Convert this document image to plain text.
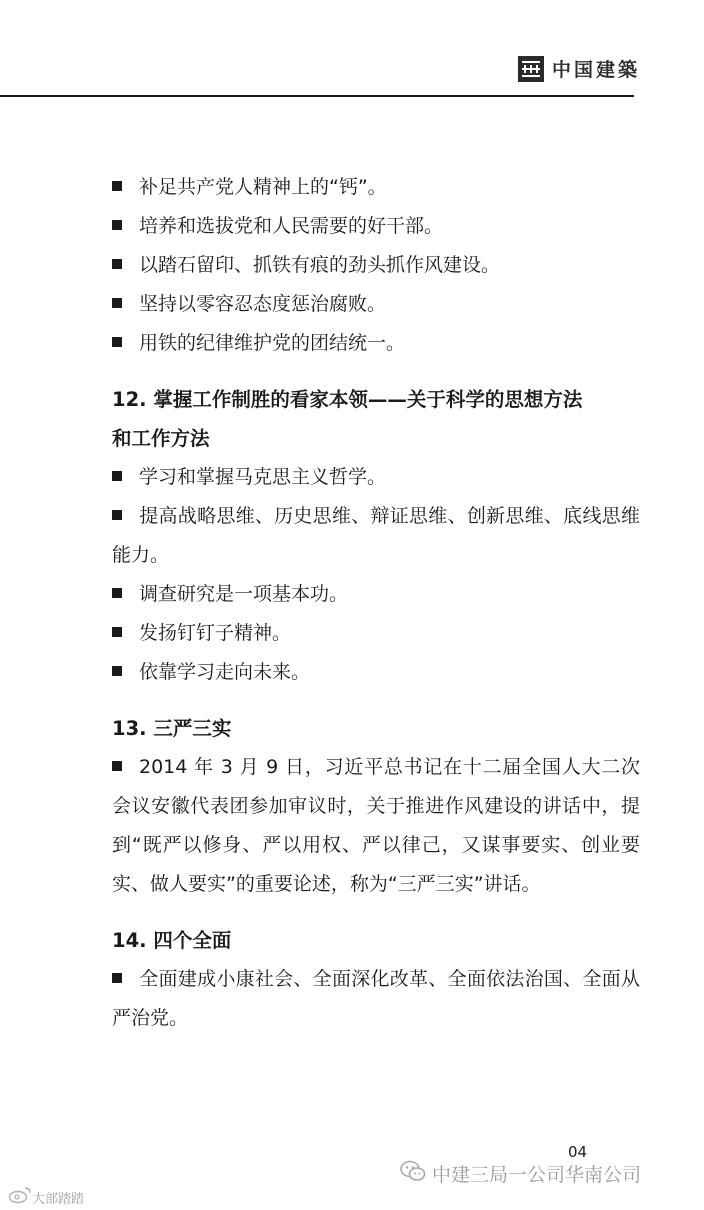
中国建築

补足共产党人精神上的“钙”。

培养和选拔党和人民需要的好干部。

以踏石留印、抓铁有痕的劲头抓作风建设。

坚持以零容忍态度惩治腐败。

用铁的纪律维护党的团结统一。

12. 掌握工作制胜的看家本领——关于科学的思想方法

和工作方法

学习和掌握马克思主义哲学。

提高战略思维、历史思维、辩证思维、创新思维、底线思维能力。

调查研究是一项基本功。

发扬钉钉子精神。

依靠学习走向未来。

13. 三严三实

2014 年 3 月 9 日，习近平总书记在十二届全国人大二次会议安徽代表团参加审议时，关于推进作风建设的讲话中，提到“既严以修身、严以用权、严以律己，又谋事要实、创业要实、做人要实”的重要论述，称为“三严三实”讲话。

14. 四个全面

全面建成小康社会、全面深化改革、全面依法治国、全面从严治党。

04
中建三局一公司华南公司
大部踏踏
